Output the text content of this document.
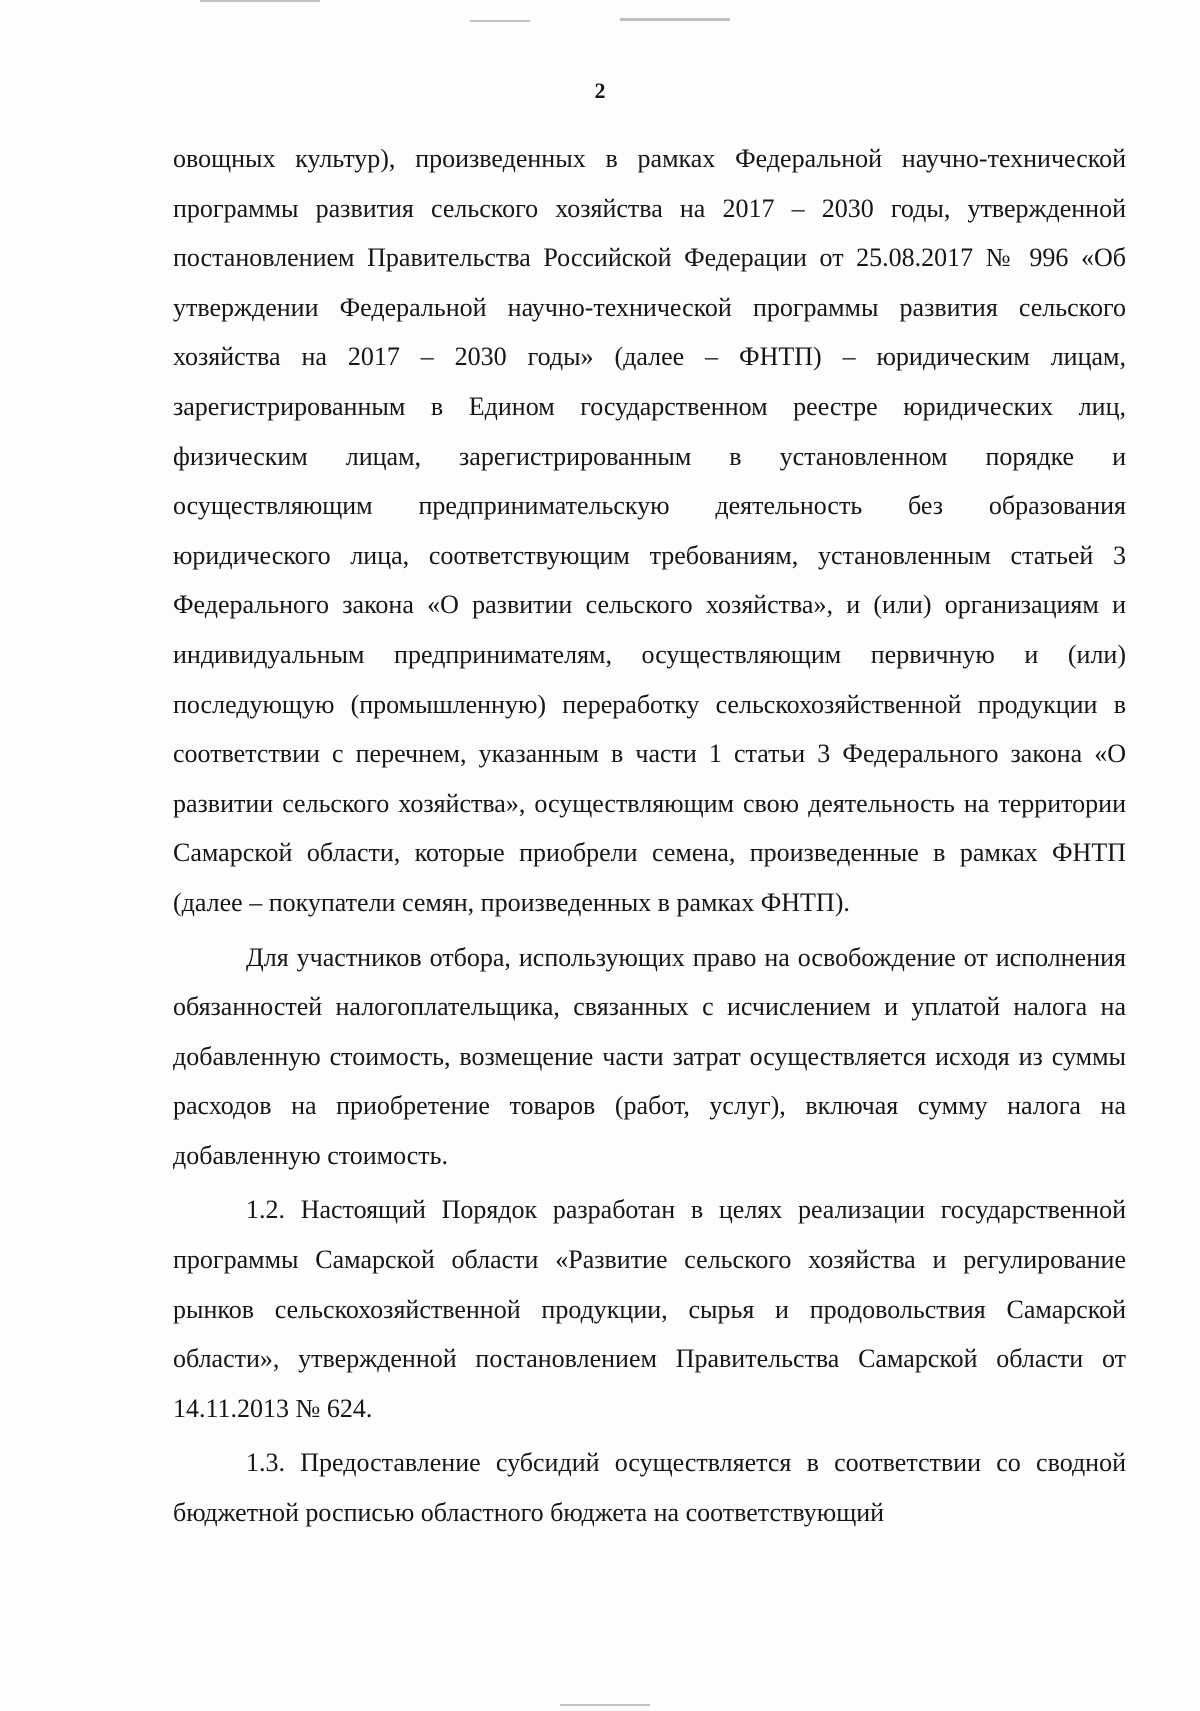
2

овощных культур), произведенных в рамках Федеральной научно-технической программы развития сельского хозяйства на 2017 – 2030 годы, утвержденной постановлением Правительства Российской Федерации от 25.08.2017 № 996 «Об утверждении Федеральной научно-технической программы развития сельского хозяйства на 2017 – 2030 годы» (далее – ФНТП) – юридическим лицам, зарегистрированным в Едином государственном реестре юридических лиц, физическим лицам, зарегистрированным в установленном порядке и осуществляющим предпринимательскую деятельность без образования юридического лица, соответствующим требованиям, установленным статьей 3 Федерального закона «О развитии сельского хозяйства», и (или) организациям и индивидуальным предпринимателям, осуществляющим первичную и (или) последующую (промышленную) переработку сельскохозяйственной продукции в соответствии с перечнем, указанным в части 1 статьи 3 Федерального закона «О развитии сельского хозяйства», осуществляющим свою деятельность на территории Самарской области, которые приобрели семена, произведенные в рамках ФНТП (далее – покупатели семян, произведенных в рамках ФНТП).

Для участников отбора, использующих право на освобождение от исполнения обязанностей налогоплательщика, связанных с исчислением и уплатой налога на добавленную стоимость, возмещение части затрат осуществляется исходя из суммы расходов на приобретение товаров (работ, услуг), включая сумму налога на добавленную стоимость.

1.2. Настоящий Порядок разработан в целях реализации государственной программы Самарской области «Развитие сельского хозяйства и регулирование рынков сельскохозяйственной продукции, сырья и продовольствия Самарской области», утвержденной постановлением Правительства Самарской области от 14.11.2013 № 624.

1.3. Предоставление субсидий осуществляется в соответствии со сводной бюджетной росписью областного бюджета на соответствующий
